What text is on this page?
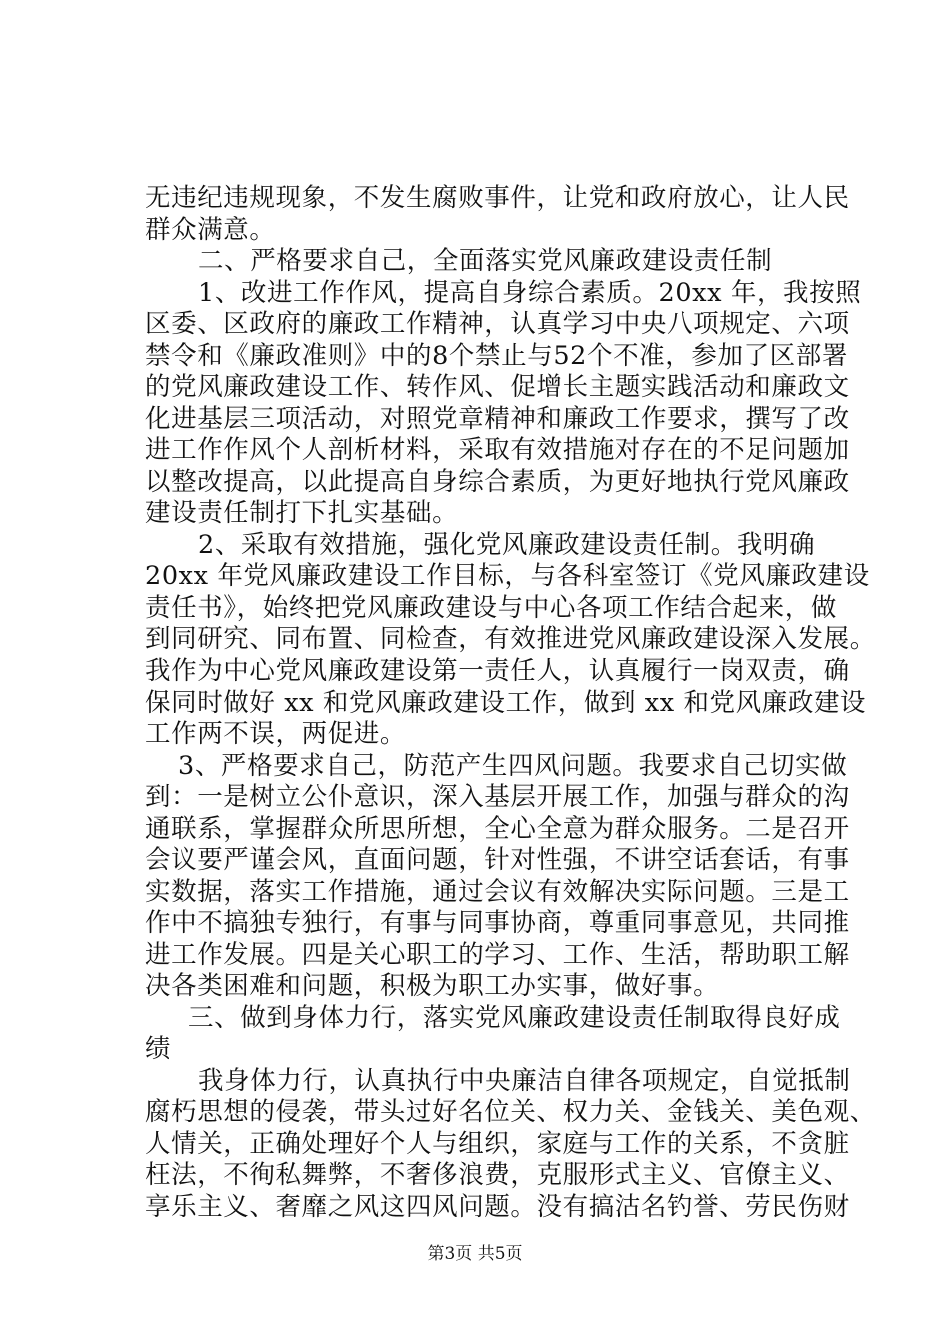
无违纪违规现象，不发生腐败事件，让党和政府放心，让人民
群众满意。
二、严格要求自己，全面落实党风廉政建设责任制
1、改进工作作风，提高自身综合素质。20xx 年，我按照
区委、区政府的廉政工作精神，认真学习中央八项规定、六项
禁令和《廉政准则》中的8个禁止与52个不准，参加了区部署
的党风廉政建设工作、转作风、促增长主题实践活动和廉政文
化进基层三项活动，对照党章精神和廉政工作要求，撰写了改
进工作作风个人剖析材料，采取有效措施对存在的不足问题加
以整改提高，以此提高自身综合素质，为更好地执行党风廉政
建设责任制打下扎实基础。
2、采取有效措施，强化党风廉政建设责任制。我明确
20xx 年党风廉政建设工作目标，与各科室签订《党风廉政建设
责任书》，始终把党风廉政建设与中心各项工作结合起来，做
到同研究、同布置、同检查，有效推进党风廉政建设深入发展。
我作为中心党风廉政建设第一责任人，认真履行一岗双责，确
保同时做好 xx 和党风廉政建设工作，做到 xx 和党风廉政建设
工作两不误，两促进。
3、严格要求自己，防范产生四风问题。我要求自己切实做
到：一是树立公仆意识，深入基层开展工作，加强与群众的沟
通联系，掌握群众所思所想，全心全意为群众服务。二是召开
会议要严谨会风，直面问题，针对性强，不讲空话套话，有事
实数据，落实工作措施，通过会议有效解决实际问题。三是工
作中不搞独专独行，有事与同事协商，尊重同事意见，共同推
进工作发展。四是关心职工的学习、工作、生活，帮助职工解
决各类困难和问题，积极为职工办实事，做好事。
三、做到身体力行，落实党风廉政建设责任制取得良好成
绩
我身体力行，认真执行中央廉洁自律各项规定，自觉抵制
腐朽思想的侵袭，带头过好名位关、权力关、金钱关、美色观、
人情关，正确处理好个人与组织，家庭与工作的关系，不贪脏
枉法，不徇私舞弊，不奢侈浪费，克服形式主义、官僚主义、
享乐主义、奢靡之风这四风问题。没有搞沽名钓誉、劳民伤财
第3页 共5页
